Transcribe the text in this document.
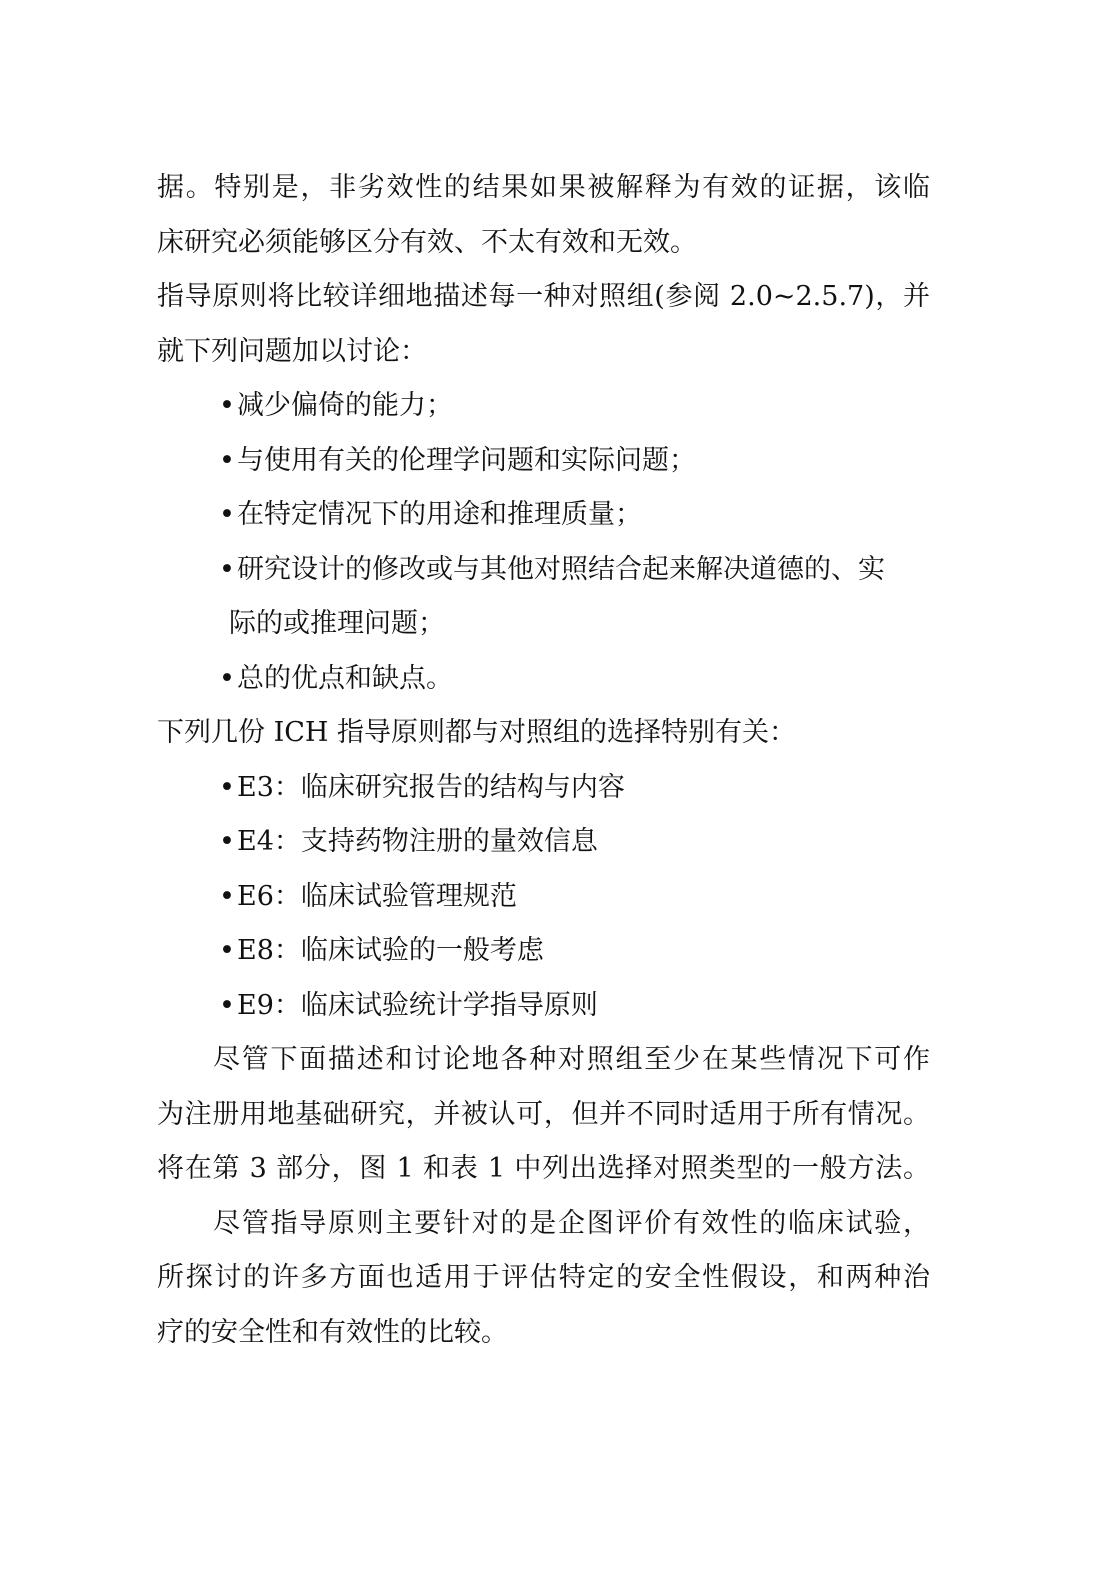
据。特别是，非劣效性的结果如果被解释为有效的证据，该临
床研究必须能够区分有效、不太有效和无效。
指导原则将比较详细地描述每一种对照组(参阅 2.0~2.5.7)，并
就下列问题加以讨论：
•减少偏倚的能力；
•与使用有关的伦理学问题和实际问题；
•在特定情况下的用途和推理质量；
•研究设计的修改或与其他对照结合起来解决道德的、实
际的或推理问题；
•总的优点和缺点。
下列几份 ICH 指导原则都与对照组的选择特别有关：
•E3：临床研究报告的结构与内容
•E4：支持药物注册的量效信息
•E6：临床试验管理规范
•E8：临床试验的一般考虑
•E9：临床试验统计学指导原则
尽管下面描述和讨论地各种对照组至少在某些情况下可作
为注册用地基础研究，并被认可，但并不同时适用于所有情况。
将在第 3 部分，图 1 和表 1 中列出选择对照类型的一般方法。
尽管指导原则主要针对的是企图评价有效性的临床试验，
所探讨的许多方面也适用于评估特定的安全性假设，和两种治
疗的安全性和有效性的比较。
